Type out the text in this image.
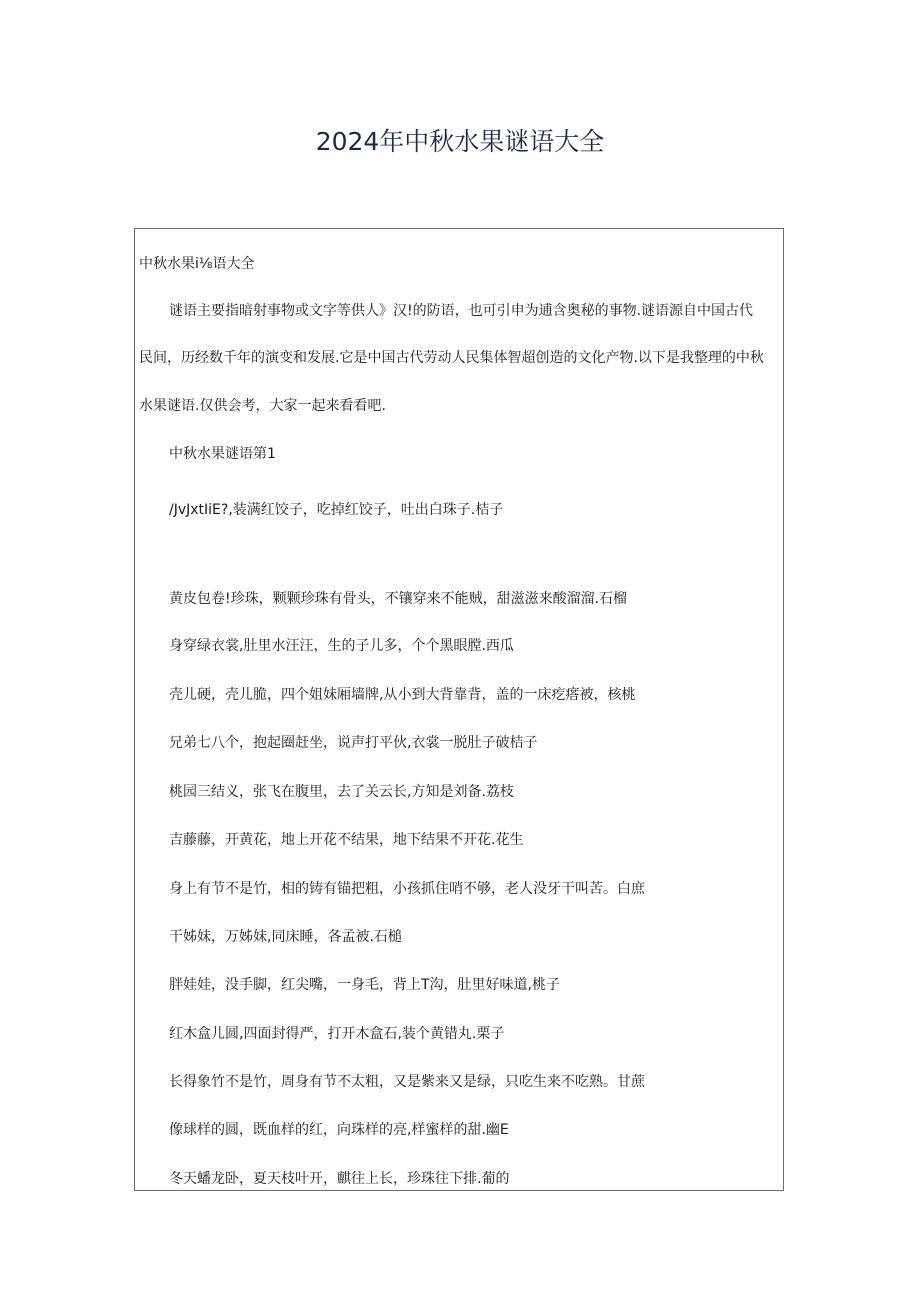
2024年中秋水果谜语大全
中秋水果i⅛语大全
谜语主要指暗射事物或文字等供人》汉!的防语，也可引申为逋含奥秘的事物.谜语源自中国古代
民间，历经数千年的演变和发展.它是中国古代劳动人民集体智超创造的文化产物.以下是我整理的中秋
水果谜语.仅供会考，大家一起来看看吧.
中秋水果谜语第1
/JvJxtIiE?,装满红饺子，吃掉红饺子，吐出白珠子.桔子
黄皮包卷!珍珠，颗颗珍珠有骨头，不镶穿来不能贼，甜滋滋来酸溜溜.石榴
身穿绿衣裳,肚里水汪汪，生的子儿多，个个黑眼膛.西瓜
壳儿硬，壳儿脆，四个姐妹厢墙牌,从小到大背靠背，盖的一床疙瘩被，核桃
兄弟七八个，抱起圈赶坐，说声打平伙,衣裳一脱肚子破桔子
桃园三结义，张飞在腹里，去了关云长,方知是刘备.荔枝
吉藤藤，开黄花，地上开花不结果，地下结果不开花.花生
身上有节不是竹，相的铸有锚把粗，小孩抓住哨不够，老人没牙干叫苦。白庶
干姊妹，万姊妹,同床睡，各孟被.石槌
胖娃娃，没手脚，红尖嘴，一身毛，背上T沟，肚里好味道,桃子
红木盒儿圆,四面封得严，打开木盒石,装个黄错丸.栗子
长得象竹不是竹，周身有节不太粗，又是紫来又是绿，只吃生来不吃熟。甘蔗
像球样的圆，既血样的红，向珠样的亮,样蜜样的甜.幽E
冬天蟠龙卧，夏天枝叶开，麒往上长，珍珠往下排.葡的
